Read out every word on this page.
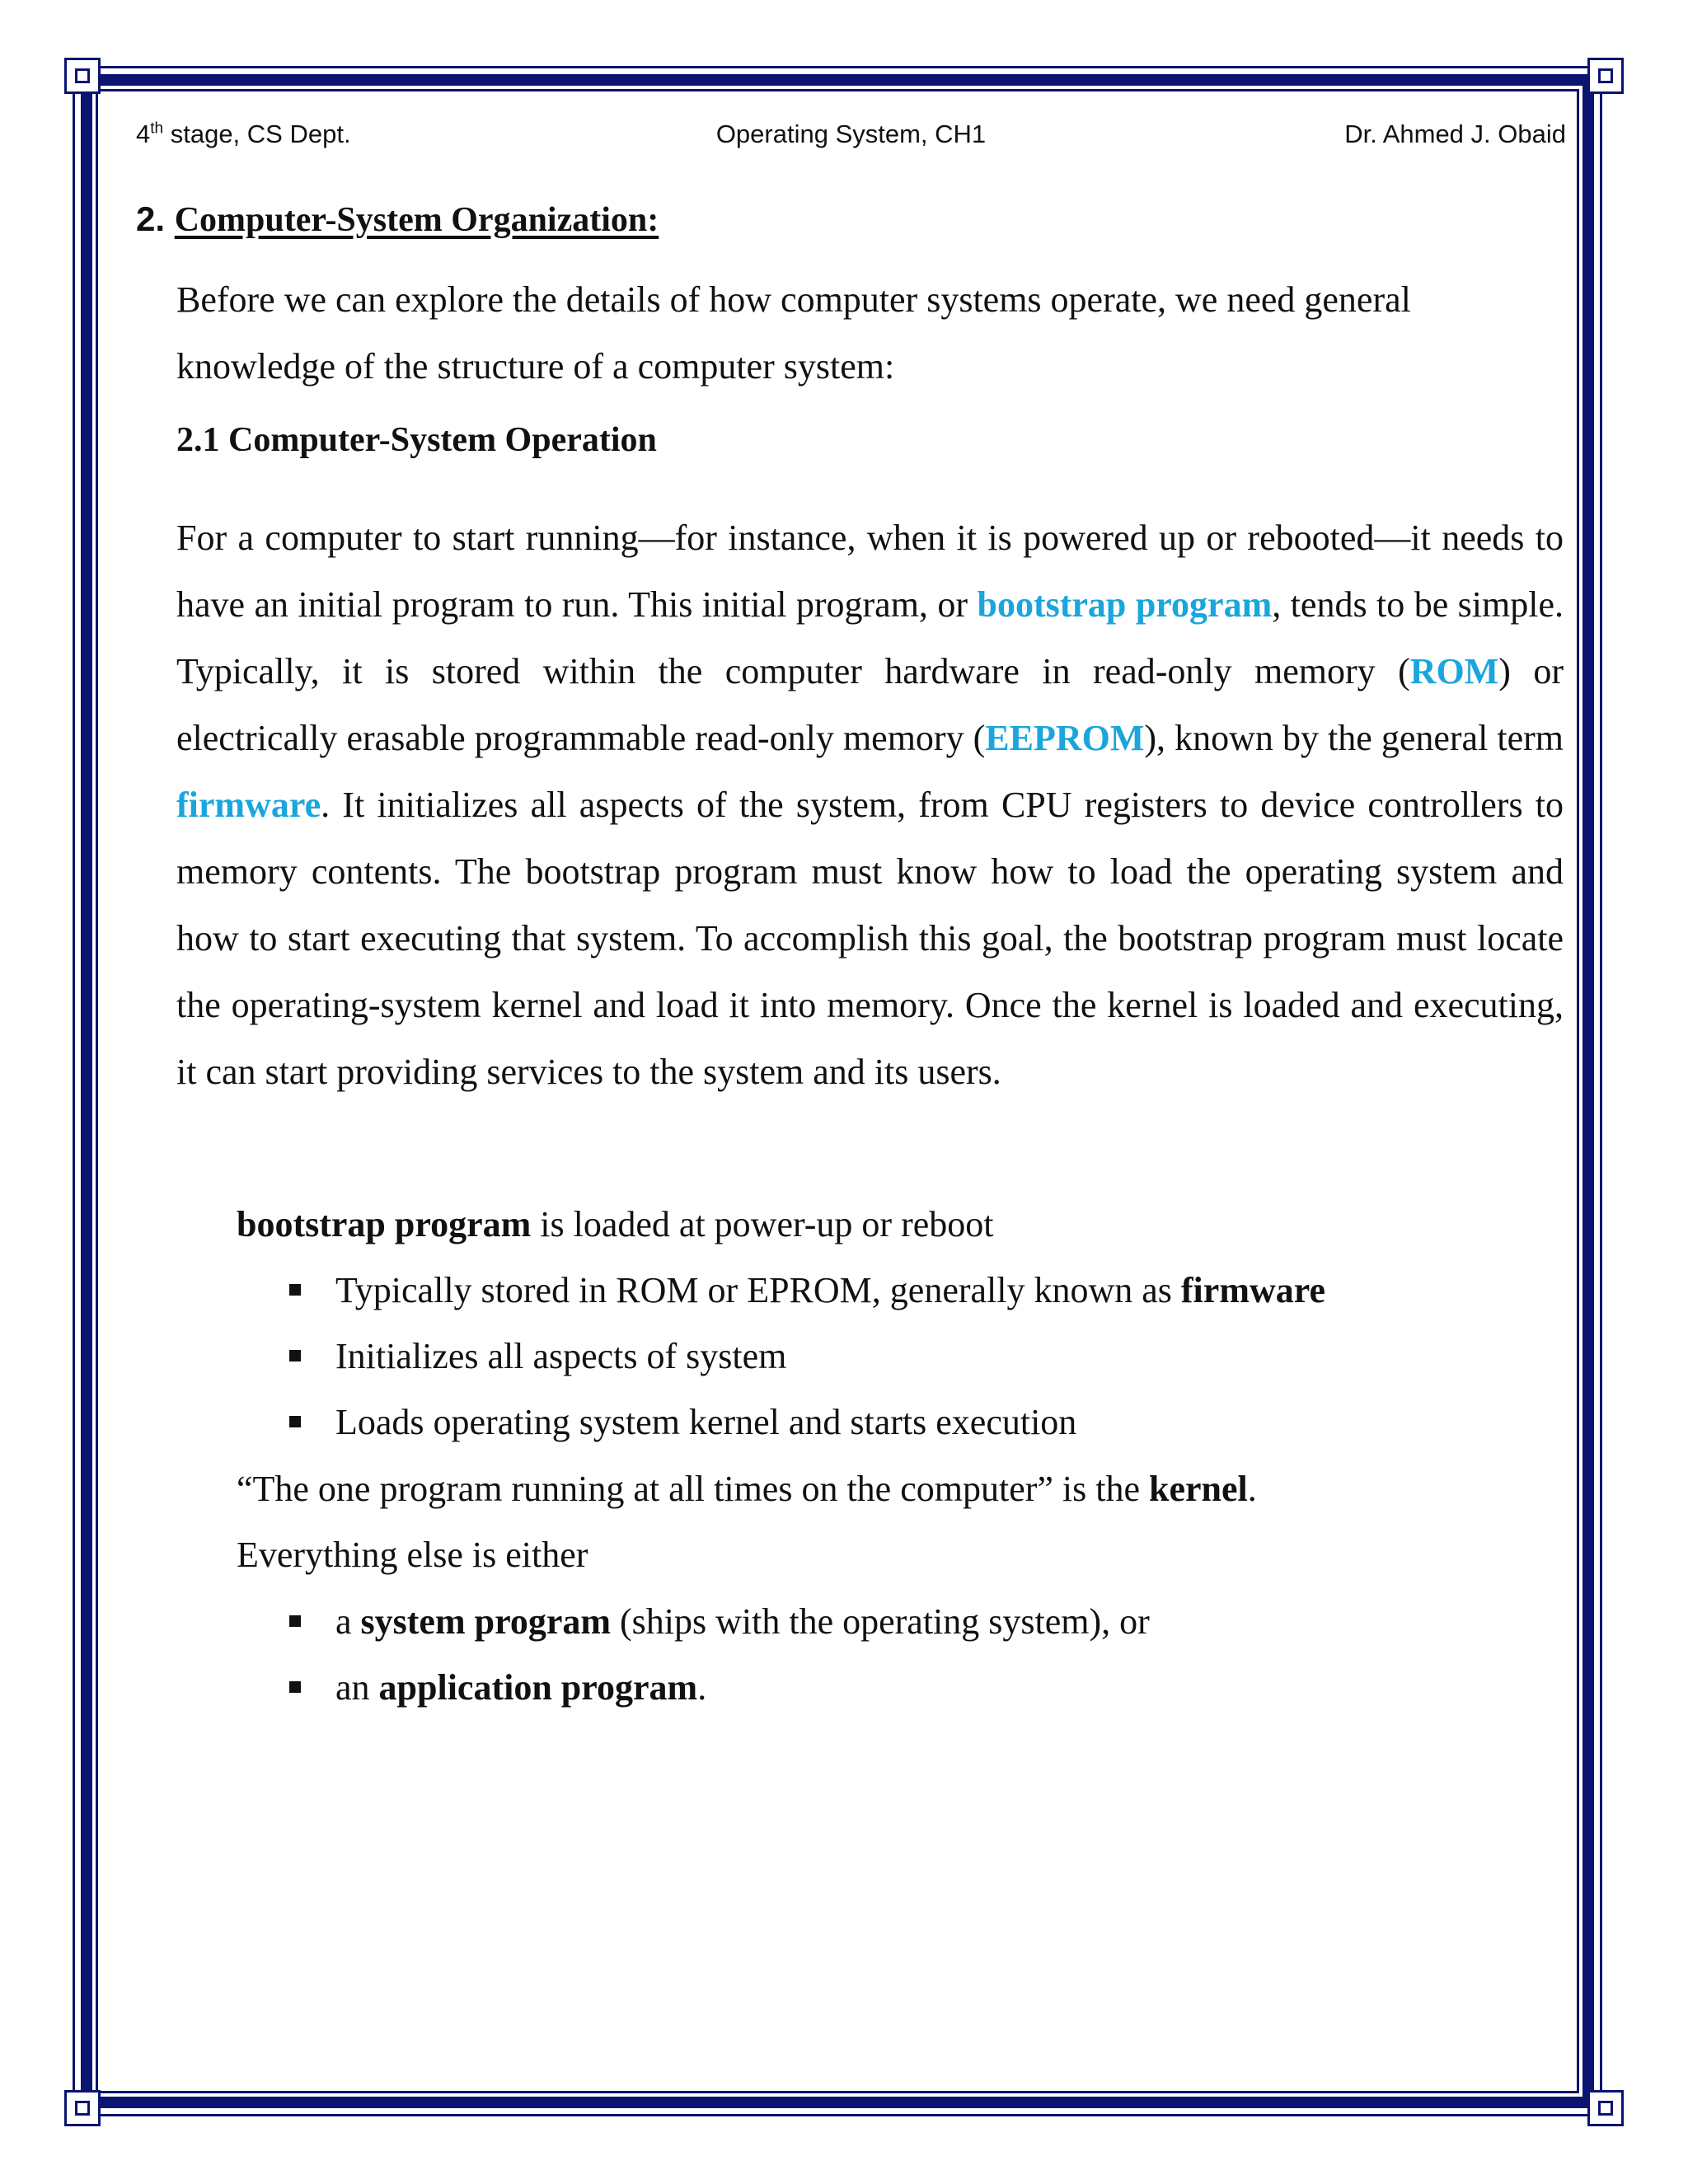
4th stage, CS Dept.	Operating System, CH1	Dr. Ahmed J. Obaid
2. Computer-System Organization:

Before we can explore the details of how computer systems operate, we need general knowledge of the structure of a computer system:

2.1 Computer-System Operation

For a computer to start running—for instance, when it is powered up or rebooted—it needs to have an initial program to run. This initial program, or bootstrap program, tends to be simple. Typically, it is stored within the computer hardware in read-only memory (ROM) or electrically erasable programmable read-only memory (EEPROM), known by the general term firmware. It initializes all aspects of the system, from CPU registers to device controllers to memory contents. The bootstrap program must know how to load the operating system and how to start executing that system. To accomplish this goal, the bootstrap program must locate the operating-system kernel and load it into memory. Once the kernel is loaded and executing, it can start providing services to the system and its users.

bootstrap program is loaded at power-up or reboot
Typically stored in ROM or EPROM, generally known as firmware
Initializes all aspects of system
Loads operating system kernel and starts execution
“The one program running at all times on the computer” is the kernel.
Everything else is either
a system program (ships with the operating system), or
an application program.
